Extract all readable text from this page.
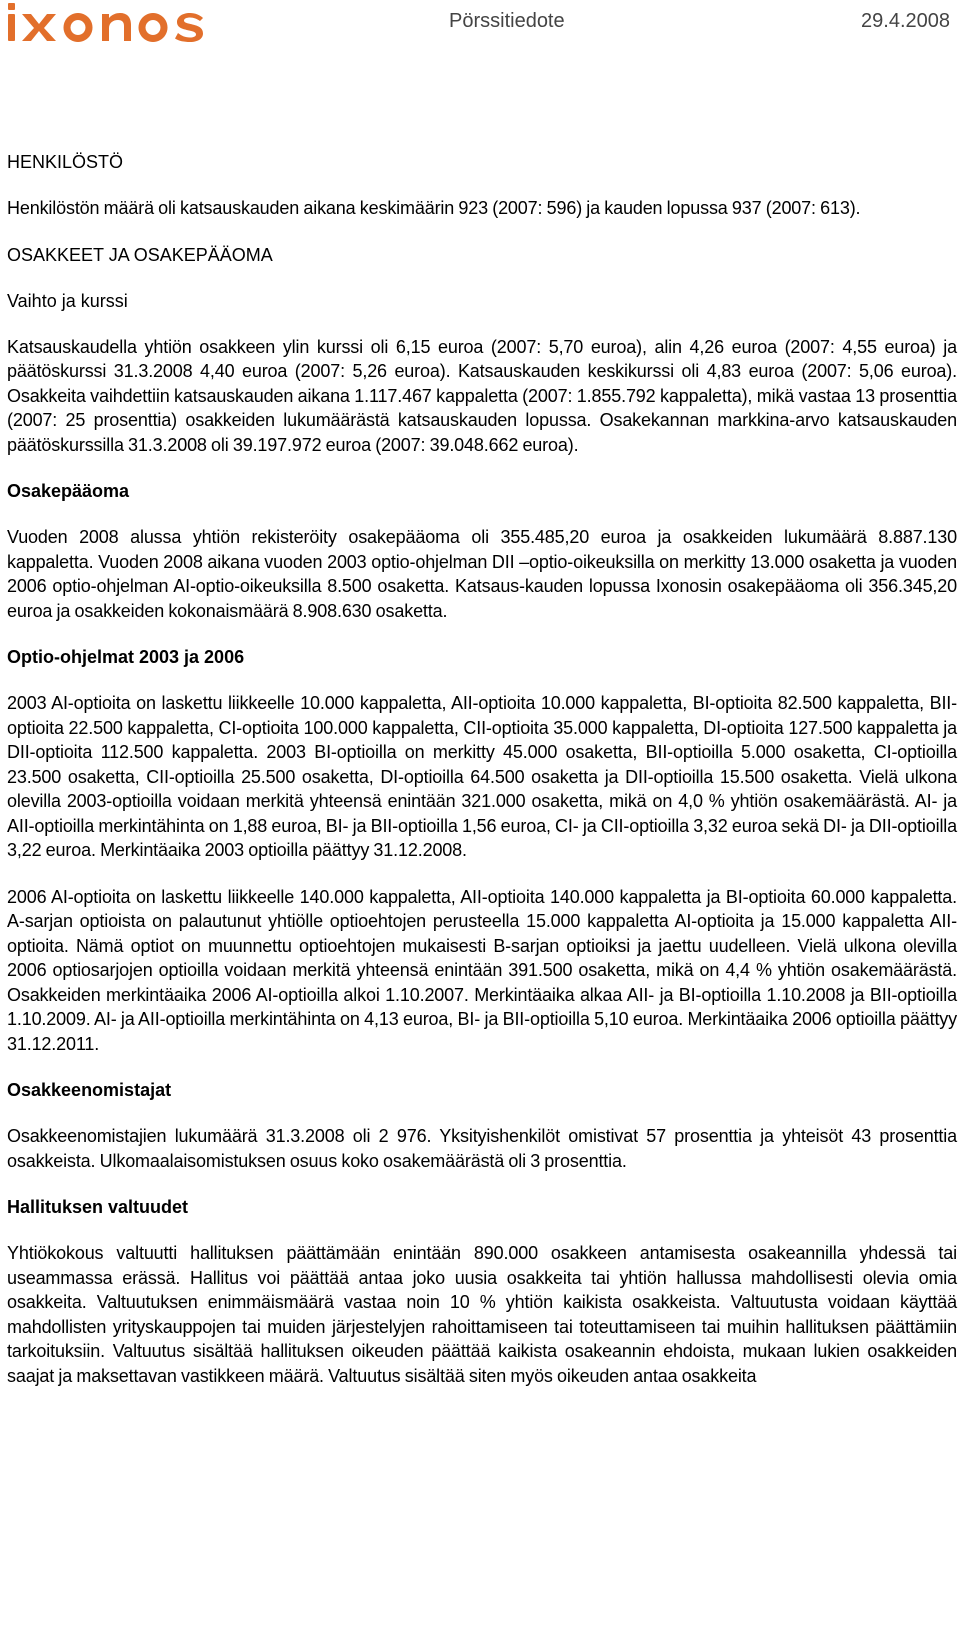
Pörssitiedote	29.4.2008
HENKILÖSTÖ

Henkilöstön määrä oli katsauskauden aikana keskimäärin 923 (2007: 596) ja kauden lopussa 937 (2007: 613).

OSAKKEET JA OSAKEPÄÄOMA
Vaihto ja kurssi

Katsauskaudella yhtiön osakkeen ylin kurssi oli 6,15 euroa (2007: 5,70 euroa), alin 4,26 euroa (2007: 4,55 euroa) ja päätöskurssi 31.3.2008 4,40 euroa (2007: 5,26 euroa). Katsauskauden keskikurssi oli 4,83 euroa (2007: 5,06 euroa). Osakkeita vaihdettiin katsauskauden aikana 1.117.467 kappaletta (2007: 1.855.792 kappaletta), mikä vastaa 13 prosenttia (2007: 25 prosenttia) osakkeiden lukumäärästä katsauskauden lopussa. Osakekannan markkina-arvo katsauskauden päätöskurssilla 31.3.2008 oli 39.197.972 euroa (2007: 39.048.662 euroa).

Osakepääoma

Vuoden 2008 alussa yhtiön rekisteröity osakepääoma oli 355.485,20 euroa ja osakkeiden lukumäärä 8.887.130 kappaletta. Vuoden 2008 aikana vuoden 2003 optio-ohjelman DII –optio-oikeuksilla on merkitty 13.000 osaketta ja vuoden 2006 optio-ohjelman AI-optio-oikeuksilla 8.500 osaketta. Katsaus-kauden lopussa Ixonosin osakepääoma oli 356.345,20 euroa ja osakkeiden kokonaismäärä 8.908.630 osaketta.

Optio-ohjelmat 2003 ja 2006

2003 AI-optioita on laskettu liikkeelle 10.000 kappaletta, AII-optioita 10.000 kappaletta, BI-optioita 82.500 kappaletta, BII-optioita 22.500 kappaletta, CI-optioita 100.000 kappaletta, CII-optioita 35.000 kappaletta, DI-optioita 127.500 kappaletta ja DII-optioita 112.500 kappaletta. 2003 BI-optioilla on merkitty 45.000 osaketta, BII-optioilla 5.000 osaketta, CI-optioilla 23.500 osaketta, CII-optioilla 25.500 osaketta, DI-optioilla 64.500 osaketta ja DII-optioilla 15.500 osaketta. Vielä ulkona olevilla 2003-optioilla voidaan merkitä yhteensä enintään 321.000 osaketta, mikä on 4,0 % yhtiön osakemäärästä. AI- ja AII-optioilla merkintähinta on 1,88 euroa, BI- ja BII-optioilla 1,56 euroa, CI- ja CII-optioilla 3,32 euroa sekä DI- ja DII-optioilla 3,22 euroa. Merkintäaika 2003 optioilla päättyy 31.12.2008.

2006 AI-optioita on laskettu liikkeelle 140.000 kappaletta, AII-optioita 140.000 kappaletta ja BI-optioita 60.000 kappaletta. A-sarjan optioista on palautunut yhtiölle optioehtojen perusteella 15.000 kappaletta AI-optioita ja 15.000 kappaletta AII-optioita. Nämä optiot on muunnettu optioehtojen mukaisesti B-sarjan optioiksi ja jaettu uudelleen. Vielä ulkona olevilla 2006 optiosarjojen optioilla voidaan merkitä yhteensä enintään 391.500 osaketta, mikä on 4,4 % yhtiön osakemäärästä. Osakkeiden merkintäaika 2006 AI-optioilla alkoi 1.10.2007. Merkintäaika alkaa AII- ja BI-optioilla 1.10.2008 ja BII-optioilla 1.10.2009. AI- ja AII-optioilla merkintähinta on 4,13 euroa, BI- ja BII-optioilla 5,10 euroa. Merkintäaika 2006 optioilla päättyy 31.12.2011.

Osakkeenomistajat

Osakkeenomistajien lukumäärä 31.3.2008 oli 2 976. Yksityishenkilöt omistivat 57 prosenttia ja yhteisöt 43 prosenttia osakkeista. Ulkomaalaisomistuksen osuus koko osakemäärästä oli 3 prosenttia.

Hallituksen valtuudet

Yhtiökokous valtuutti hallituksen päättämään enintään 890.000 osakkeen antamisesta osakeannilla yhdessä tai useammassa erässä. Hallitus voi päättää antaa joko uusia osakkeita tai yhtiön hallussa mahdollisesti olevia omia osakkeita. Valtuutuksen enimmäismäärä vastaa noin 10 % yhtiön kaikista osakkeista. Valtuutusta voidaan käyttää mahdollisten yrityskauppojen tai muiden järjestelyjen rahoittamiseen tai toteuttamiseen tai muihin hallituksen päättämiin tarkoituksiin. Valtuutus sisältää hallituksen oikeuden päättää kaikista osakeannin ehdoista, mukaan lukien osakkeiden saajat ja maksettavan vastikkeen määrä. Valtuutus sisältää siten myös oikeuden antaa osakkeita
